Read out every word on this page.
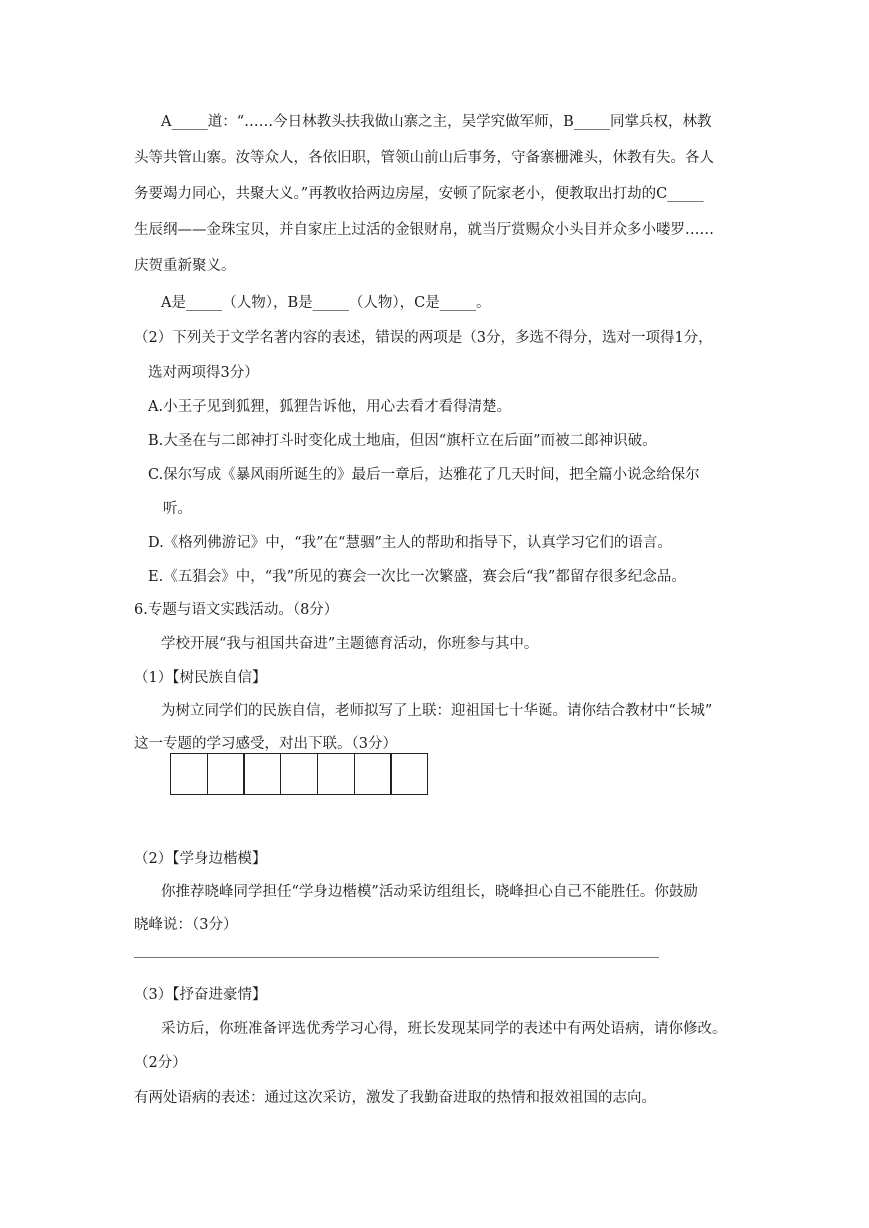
A_____道：“……今日林教头扶我做山寨之主，吴学究做军师，B_____同掌兵权，林教
头等共管山寨。汝等众人，各依旧职，管领山前山后事务，守备寨栅滩头，休教有失。各人
务要竭力同心，共聚大义。”再教收拾两边房屋，安顿了阮家老小，便教取出打劫的C_____
生辰纲——金珠宝贝，并自家庄上过活的金银财帛，就当厅赏赐众小头目并众多小喽罗……
庆贺重新聚义。
A是_____（人物），B是_____（人物），C是_____。
（2）下列关于文学名著内容的表述，错误的两项是（3分，多选不得分，选对一项得1分，
选对两项得3分）
A.小王子见到狐狸，狐狸告诉他，用心去看才看得清楚。
B.大圣在与二郎神打斗时变化成土地庙，但因“旗杆立在后面”而被二郎神识破。
C.保尔写成《暴风雨所诞生的》最后一章后，达雅花了几天时间，把全篇小说念给保尔
听。
D.《格列佛游记》中，“我”在“慧骃”主人的帮助和指导下，认真学习它们的语言。
E.《五猖会》中，“我”所见的赛会一次比一次繁盛，赛会后“我”都留存很多纪念品。
6.专题与语文实践活动。（8分）
学校开展“我与祖国共奋进”主题德育活动，你班参与其中。
（1）【树民族自信】
为树立同学们的民族自信，老师拟写了上联：迎祖国七十华诞。请你结合教材中“长城”
这一专题的学习感受，对出下联。（3分）
（2）【学身边楷模】
你推荐晓峰同学担任“学身边楷模”活动采访组组长，晓峰担心自己不能胜任。你鼓励
晓峰说：（3分）
（3）【抒奋进豪情】
采访后，你班准备评选优秀学习心得，班长发现某同学的表述中有两处语病，请你修改。
（2分）
有两处语病的表述：通过这次采访，激发了我勤奋进取的热情和报效祖国的志向。
